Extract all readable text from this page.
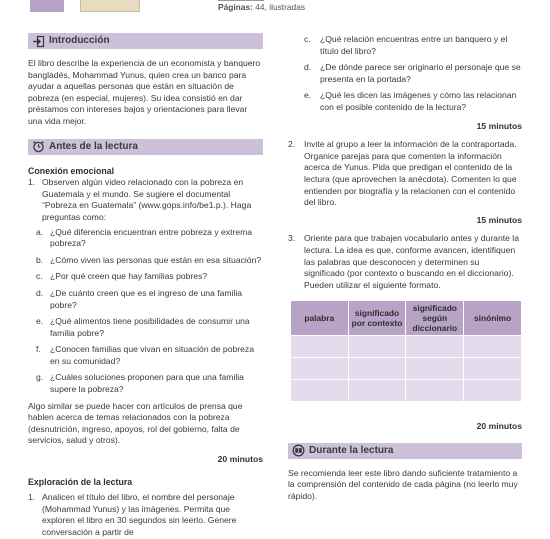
Páginas: 44, ilustradas
Introducción

El libro describe la experiencia de un economista y banquero bangladés, Mohammad Yunus, quien crea un banco para ayudar a aquellas personas que están en situación de pobreza (en especial, mujeres). Su idea consistió en dar préstamos con intereses bajos y orientaciones para llevar una vida mejor.

Antes de la lectura
Conexión emocional
1. Observen algún video relacionado con la pobreza en Guatemala y el mundo. Se sugiere el documental “Pobreza en Guatemala” (www.gops.info/be1.p.). Haga preguntas como:
a. ¿Qué diferencia encuentran entre pobreza y extrema pobreza?
b. ¿Cómo viven las personas que están en esa situación?
c. ¿Por qué creen que hay familias pobres?
d. ¿De cuánto creen que es el ingreso de una familia pobre?
e. ¿Qué alimentos tiene posibilidades de consumir una familia pobre?
f. ¿Conocen familias que vivan en situación de pobreza en su comunidad?
g. ¿Cuáles soluciones proponen para que una familia supere la pobreza?

Algo similar se puede hacer con artículos de prensa que hablen acerca de temas relacionados con la pobreza (desnutrición, ingreso, apoyos, rol del gobierno, falta de servicios, salud y otros).

20 minutos
Exploración de la lectura
1. Analicen el título del libro, el nombre del personaje (Mohammad Yunus) y las imágenes. Permita que exploren el libro en 30 segundos sin leerlo. Genere conversación a partir de
c. ¿Qué relación encuentras entre un banquero y el título del libro?
d. ¿De dónde parece ser originario el personaje que se presenta en la portada?
e. ¿Qué les dicen las imágenes y cómo las relacionan con el posible contenido de la lectura?
15 minutos
2. Invite al grupo a leer la información de la contraportada. Organice parejas para que comenten la información acerca de Yunus. Pida que predigan el contenido de la lectura (que aprovechen la anécdota). Comenten lo que entienden por biografía y la relacionen con el contenido del libro.
15 minutos
3. Oriente para que trabajen vocabulario antes y durante la lectura. La idea es que, conforme avancen, identifiquen las palabras que desconocen y determinen su significado (por contexto o buscando en el diccionario). Pueden utilizar el siguiente formato.
palabra	significado por contexto	significado según diccionario	sinónimo

20 minutos
Durante la lectura

Se recomienda leer este libro dando suficiente tratamiento a la comprensión del contenido de cada página (no leerlo muy rápido).
